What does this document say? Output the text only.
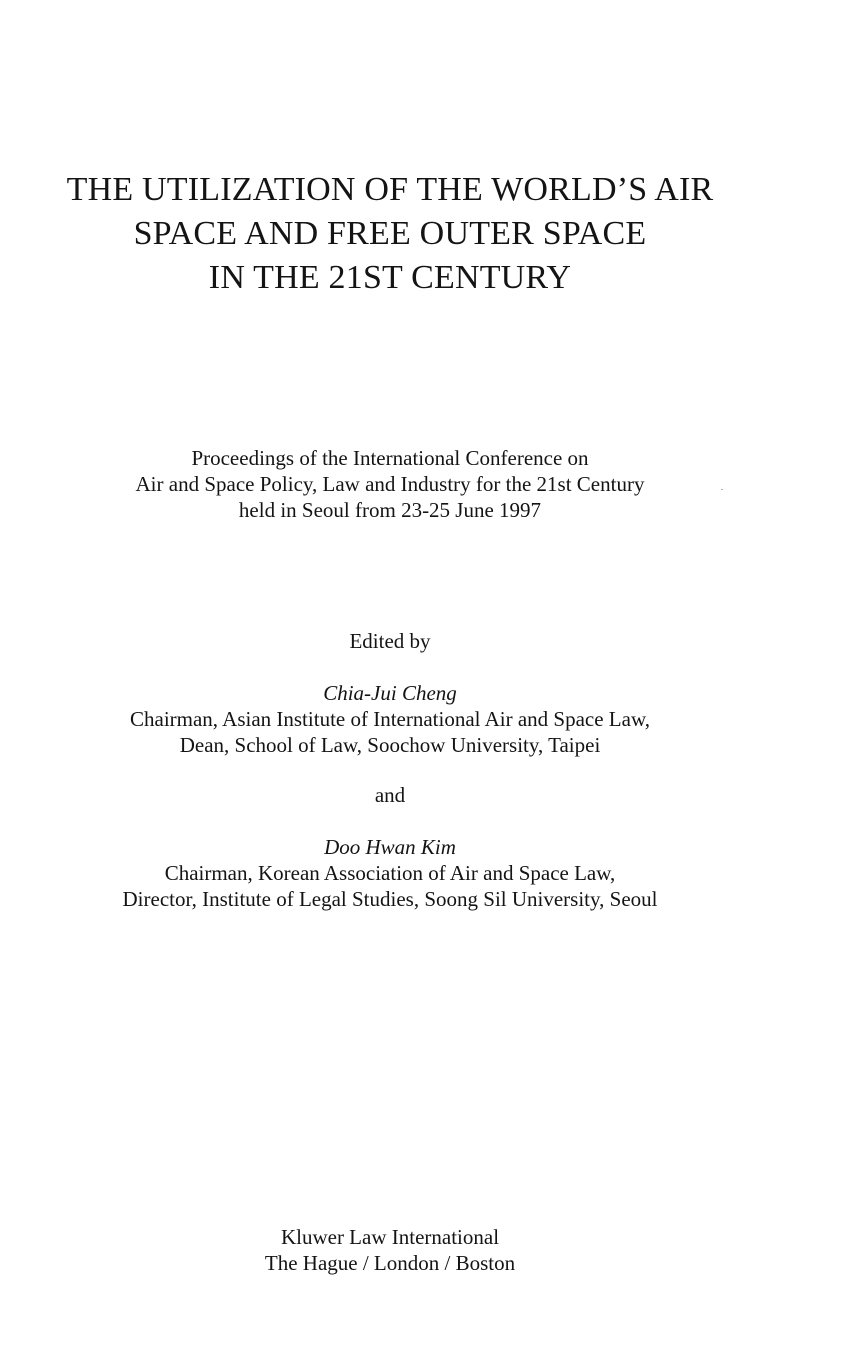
THE UTILIZATION OF THE WORLD’S AIR
SPACE AND FREE OUTER SPACE
IN THE 21ST CENTURY
Proceedings of the International Conference on
Air and Space Policy, Law and Industry for the 21st Century
held in Seoul from 23-25 June 1997
Edited by
Chia-Jui Cheng
Chairman, Asian Institute of International Air and Space Law,
Dean, School of Law, Soochow University, Taipei
and
Doo Hwan Kim
Chairman, Korean Association of Air and Space Law,
Director, Institute of Legal Studies, Soong Sil University, Seoul
Kluwer Law International
The Hague / London / Boston
